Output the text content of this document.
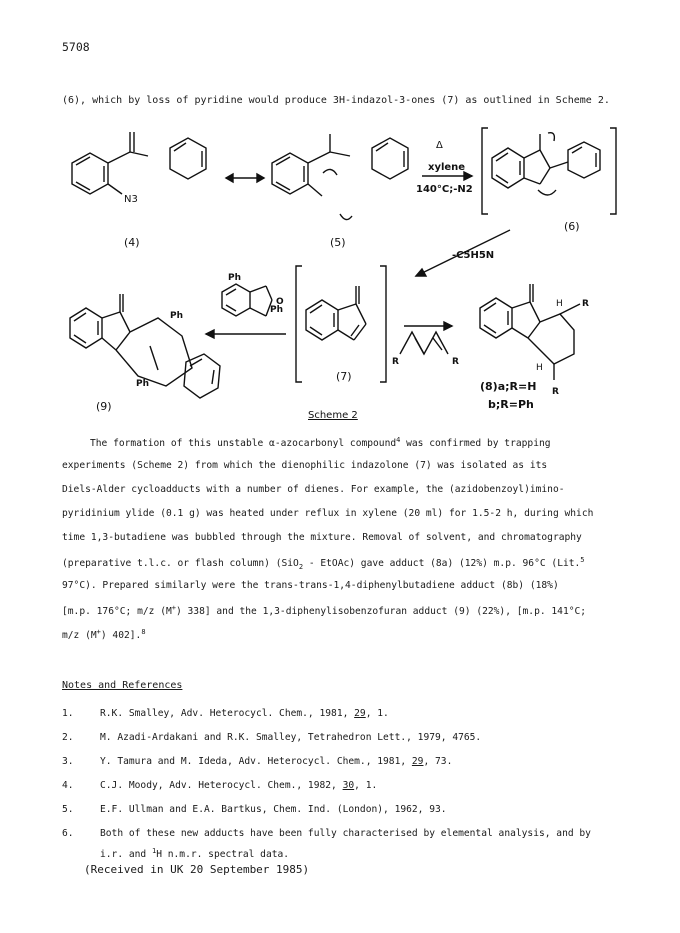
5708
(6), which by loss of pyridine would produce 3H-indazol-3-ones (7) as outlined in Scheme 2.
N3
(4)	(5)
Δ
xylene
140°C;-N2
(6)
-C5H5N
Ph
Ph
O
Ph
Ph
(9)
(7)
R	R
R
R
H
H
(8)a;R=H
b;R=Ph
Scheme 2
The formation of this unstable α-azocarbonyl compound$^4$ was confirmed by trapping
experiments (Scheme 2) from which the dienophilic indazolone (7) was isolated as its
Diels-Alder cycloadducts with a number of dienes. For example, the (azidobenzoyl)imino-
pyridinium ylide (0.1 g) was heated under reflux in xylene (20 ml) for 1.5-2 h, during which
time 1,3-butadiene was bubbled through the mixture. Removal of solvent, and chromatography
(preparative t.l.c. or flash column) (SiO$_2$ - EtOAc) gave adduct (8a) (12%) m.p. 96°C (Lit.$^5$
97°C). Prepared similarly were the trans-trans-1,4-diphenylbutadiene adduct (8b) (18%)
[m.p. 176°C; m/z (M+) 338] and the 1,3-diphenylisobenzofuran adduct (9) (22%), [m.p. 141°C;
m/z (M+) 402].$^8$
Notes and References
1.	R.K. Smalley, Adv. Heterocycl. Chem., 1981, 29, 1.
2.	M. Azadi-Ardakani and R.K. Smalley, Tetrahedron Lett., 1979, 4765.
3.	Y. Tamura and M. Ideda, Adv. Heterocycl. Chem., 1981, 29, 73.
4.	C.J. Moody, Adv. Heterocycl. Chem., 1982, 30, 1.
5.	E.F. Ullman and E.A. Bartkus, Chem. Ind. (London), 1962, 93.
6.	Both of these new adducts have been fully characterised by elemental analysis, and by
i.r. and $^1$H n.m.r. spectral data.
(Received in UK 20 September 1985)
